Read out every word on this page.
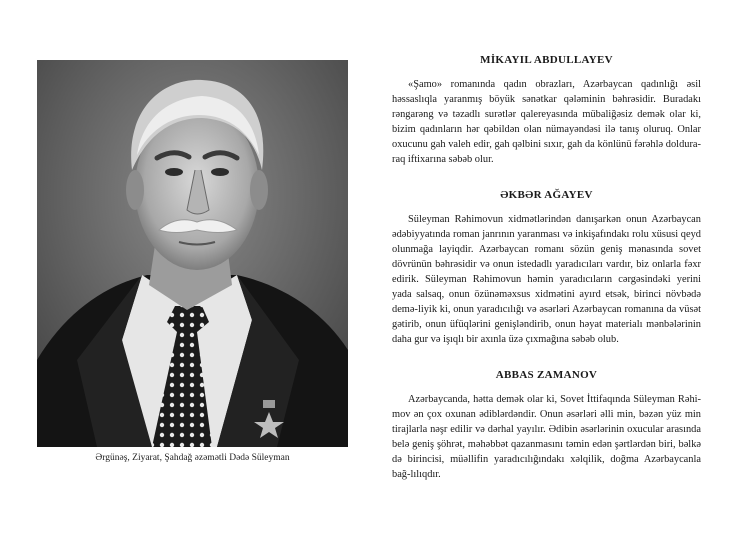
Ərgünəş, Ziyarat, Şahdağ əzəmətli Dədə Süleyman
MİKAYIL ABDULLAYEV

«Şamo» romanında qadın obrazları, Azərbaycan qadınlığı əsil həssaslıqla yaranmış böyük sənətkar qələminin bəhrəsidir. Buradakı rəngarəng və təzadlı surətlər qalereyasında mübaliğəsiz demək olar ki, bizim qadınların hər qəbildən olan nümayəndəsi ilə tanış oluruq. Onlar oxucunu gah valeh edir, gah qəlbini sıxır, gah da könlünü fərəhlə doldura-raq iftixarına səbəb olur.

ƏKBƏR AĞAYEV

Süleyman Rəhimovun xidmətlərindən danışarkən onun Azərbaycan ədəbiyyatında roman janrının yaranması və inkişafındakı rolu xüsusi qeyd olunmağa layiqdir. Azərbaycan romanı sözün geniş mənasında sovet dövrünün bəhrəsidir və onun istedadlı yaradıcıları vardır, biz onlarla fəxr edirik. Süleyman Rəhimovun həmin yaradıcıların cərgəsindəki yerini yada salsaq, onun özünəməxsus xidmətini ayırd etsək, birinci növbədə demə-liyik ki, onun yaradıcılığı və əsərləri Azərbaycan romanına da vüsət gətirib, onun üfüqlərini genişləndirib, onun həyat materialı mənbələrinin daha gur və işıqlı bir axınla üzə çıxmağına səbəb olub.

ABBAS ZAMANOV

Azərbaycanda, hətta demək olar ki, Sovet İttifaqında Süleyman Rəhi-mov ən çox oxunan ədiblərdəndir. Onun əsərləri əlli min, bəzən yüz min tirajlarla nəşr edilir və dərhal yayılır. Ədibin əsərlərinin oxucular arasında belə geniş şöhrət, məhəbbət qazanmasını təmin edən şərtlərdən biri, bəlkə də birincisi, müəllifin yaradıcılığındakı xəlqilik, doğma Azərbaycanla bağ-lılıqdır.
